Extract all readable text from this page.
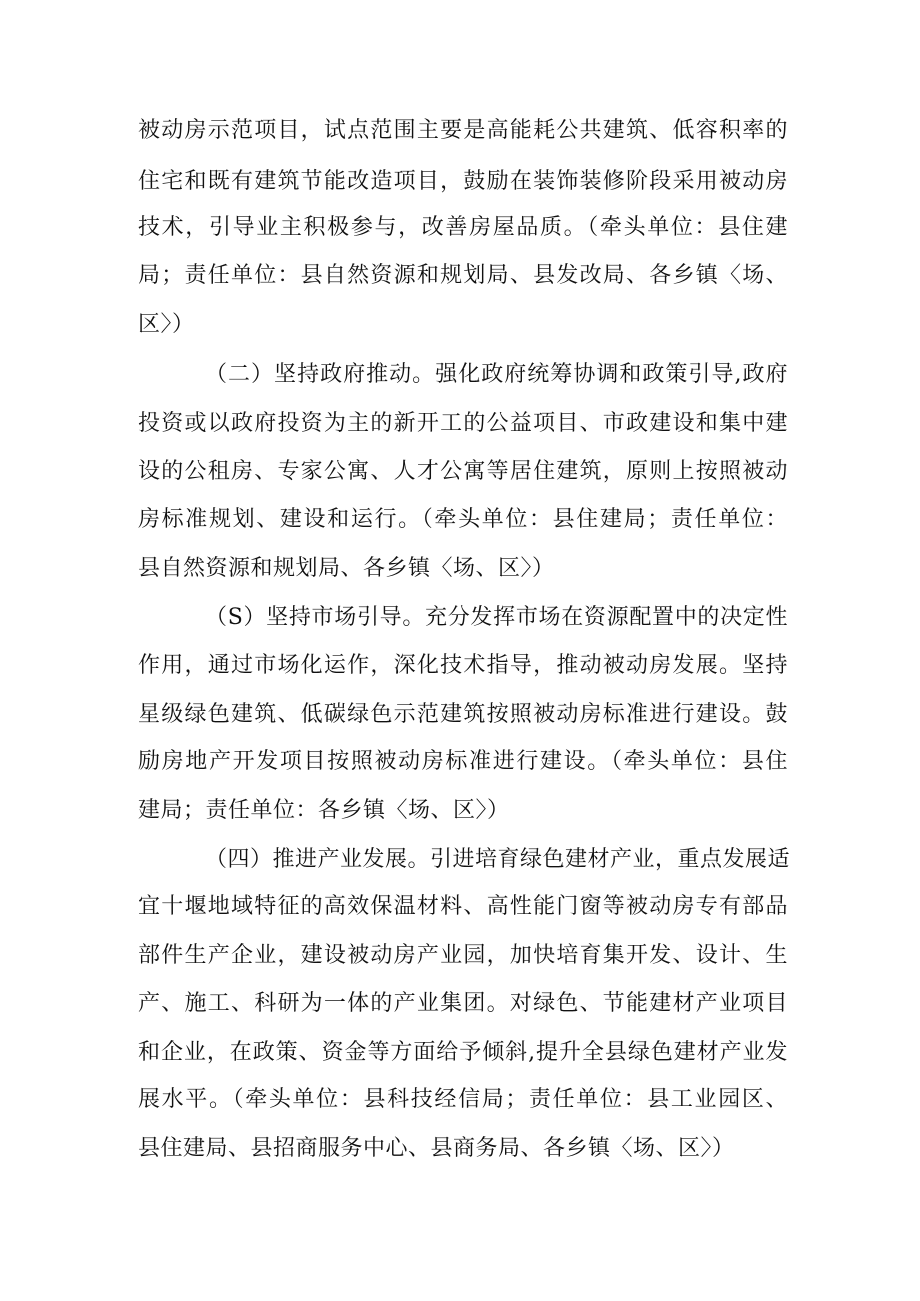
被动房示范项目，试点范围主要是高能耗公共建筑、低容积率的
住宅和既有建筑节能改造项目，鼓励在装饰装修阶段采用被动房
技术，引导业主积极参与，改善房屋品质。（牵头单位：县住建
局；责任单位：县自然资源和规划局、县发改局、各乡镇〈场、
区〉）
（二）坚持政府推动。强化政府统筹协调和政策引导,政府
投资或以政府投资为主的新开工的公益项目、市政建设和集中建
设的公租房、专家公寓、人才公寓等居住建筑，原则上按照被动
房标准规划、建设和运行。（牵头单位：县住建局；责任单位：
县自然资源和规划局、各乡镇〈场、区〉）
（S）坚持市场引导。充分发挥市场在资源配置中的决定性
作用，通过市场化运作，深化技术指导，推动被动房发展。坚持
星级绿色建筑、低碳绿色示范建筑按照被动房标准进行建设。鼓
励房地产开发项目按照被动房标准进行建设。（牵头单位：县住
建局；责任单位：各乡镇〈场、区〉）
（四）推进产业发展。引进培育绿色建材产业，重点发展适
宜十堰地域特征的高效保温材料、高性能门窗等被动房专有部品
部件生产企业，建设被动房产业园，加快培育集开发、设计、生
产、施工、科研为一体的产业集团。对绿色、节能建材产业项目
和企业，在政策、资金等方面给予倾斜,提升全县绿色建材产业发
展水平。（牵头单位：县科技经信局；责任单位：县工业园区、
县住建局、县招商服务中心、县商务局、各乡镇〈场、区〉）
